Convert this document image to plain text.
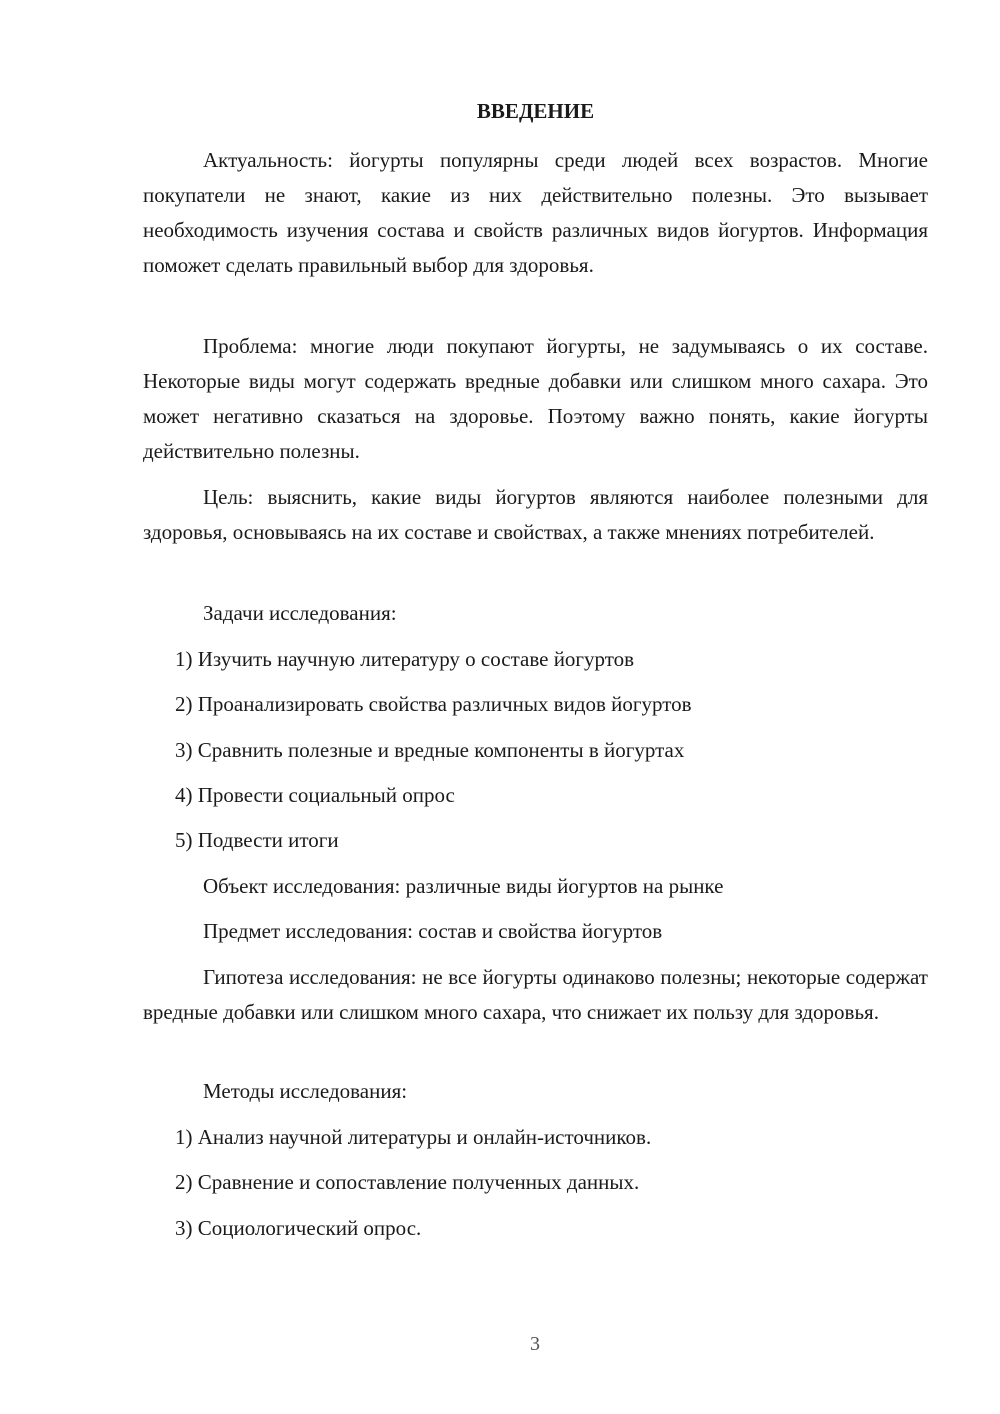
ВВЕДЕНИЕ

Актуальность: йогурты популярны среди людей всех возрастов. Многие покупатели не знают, какие из них действительно полезны. Это вызывает необходимость изучения состава и свойств различных видов йогуртов. Информация поможет сделать правильный выбор для здоровья.

Проблема: многие люди покупают йогурты, не задумываясь о их составе. Некоторые виды могут содержать вредные добавки или слишком много сахара. Это может негативно сказаться на здоровье. Поэтому важно понять, какие йогурты действительно полезны.

Цель: выяснить, какие виды йогуртов являются наиболее полезными для здоровья, основываясь на их составе и свойствах, а также мнениях потребителей.

Задачи исследования:

1) Изучить научную литературу о составе йогуртов

2) Проанализировать свойства различных видов йогуртов

3) Сравнить полезные и вредные компоненты в йогуртах

4) Провести социальный опрос

5) Подвести итоги

Объект исследования: различные виды йогуртов на рынке

Предмет исследования: состав и свойства йогуртов

Гипотеза исследования: не все йогурты одинаково полезны; некоторые содержат вредные добавки или слишком много сахара, что снижает их пользу для здоровья.

Методы исследования:

1) Анализ научной литературы и онлайн-источников.

2) Сравнение и сопоставление полученных данных.

3) Социологический опрос.

3
